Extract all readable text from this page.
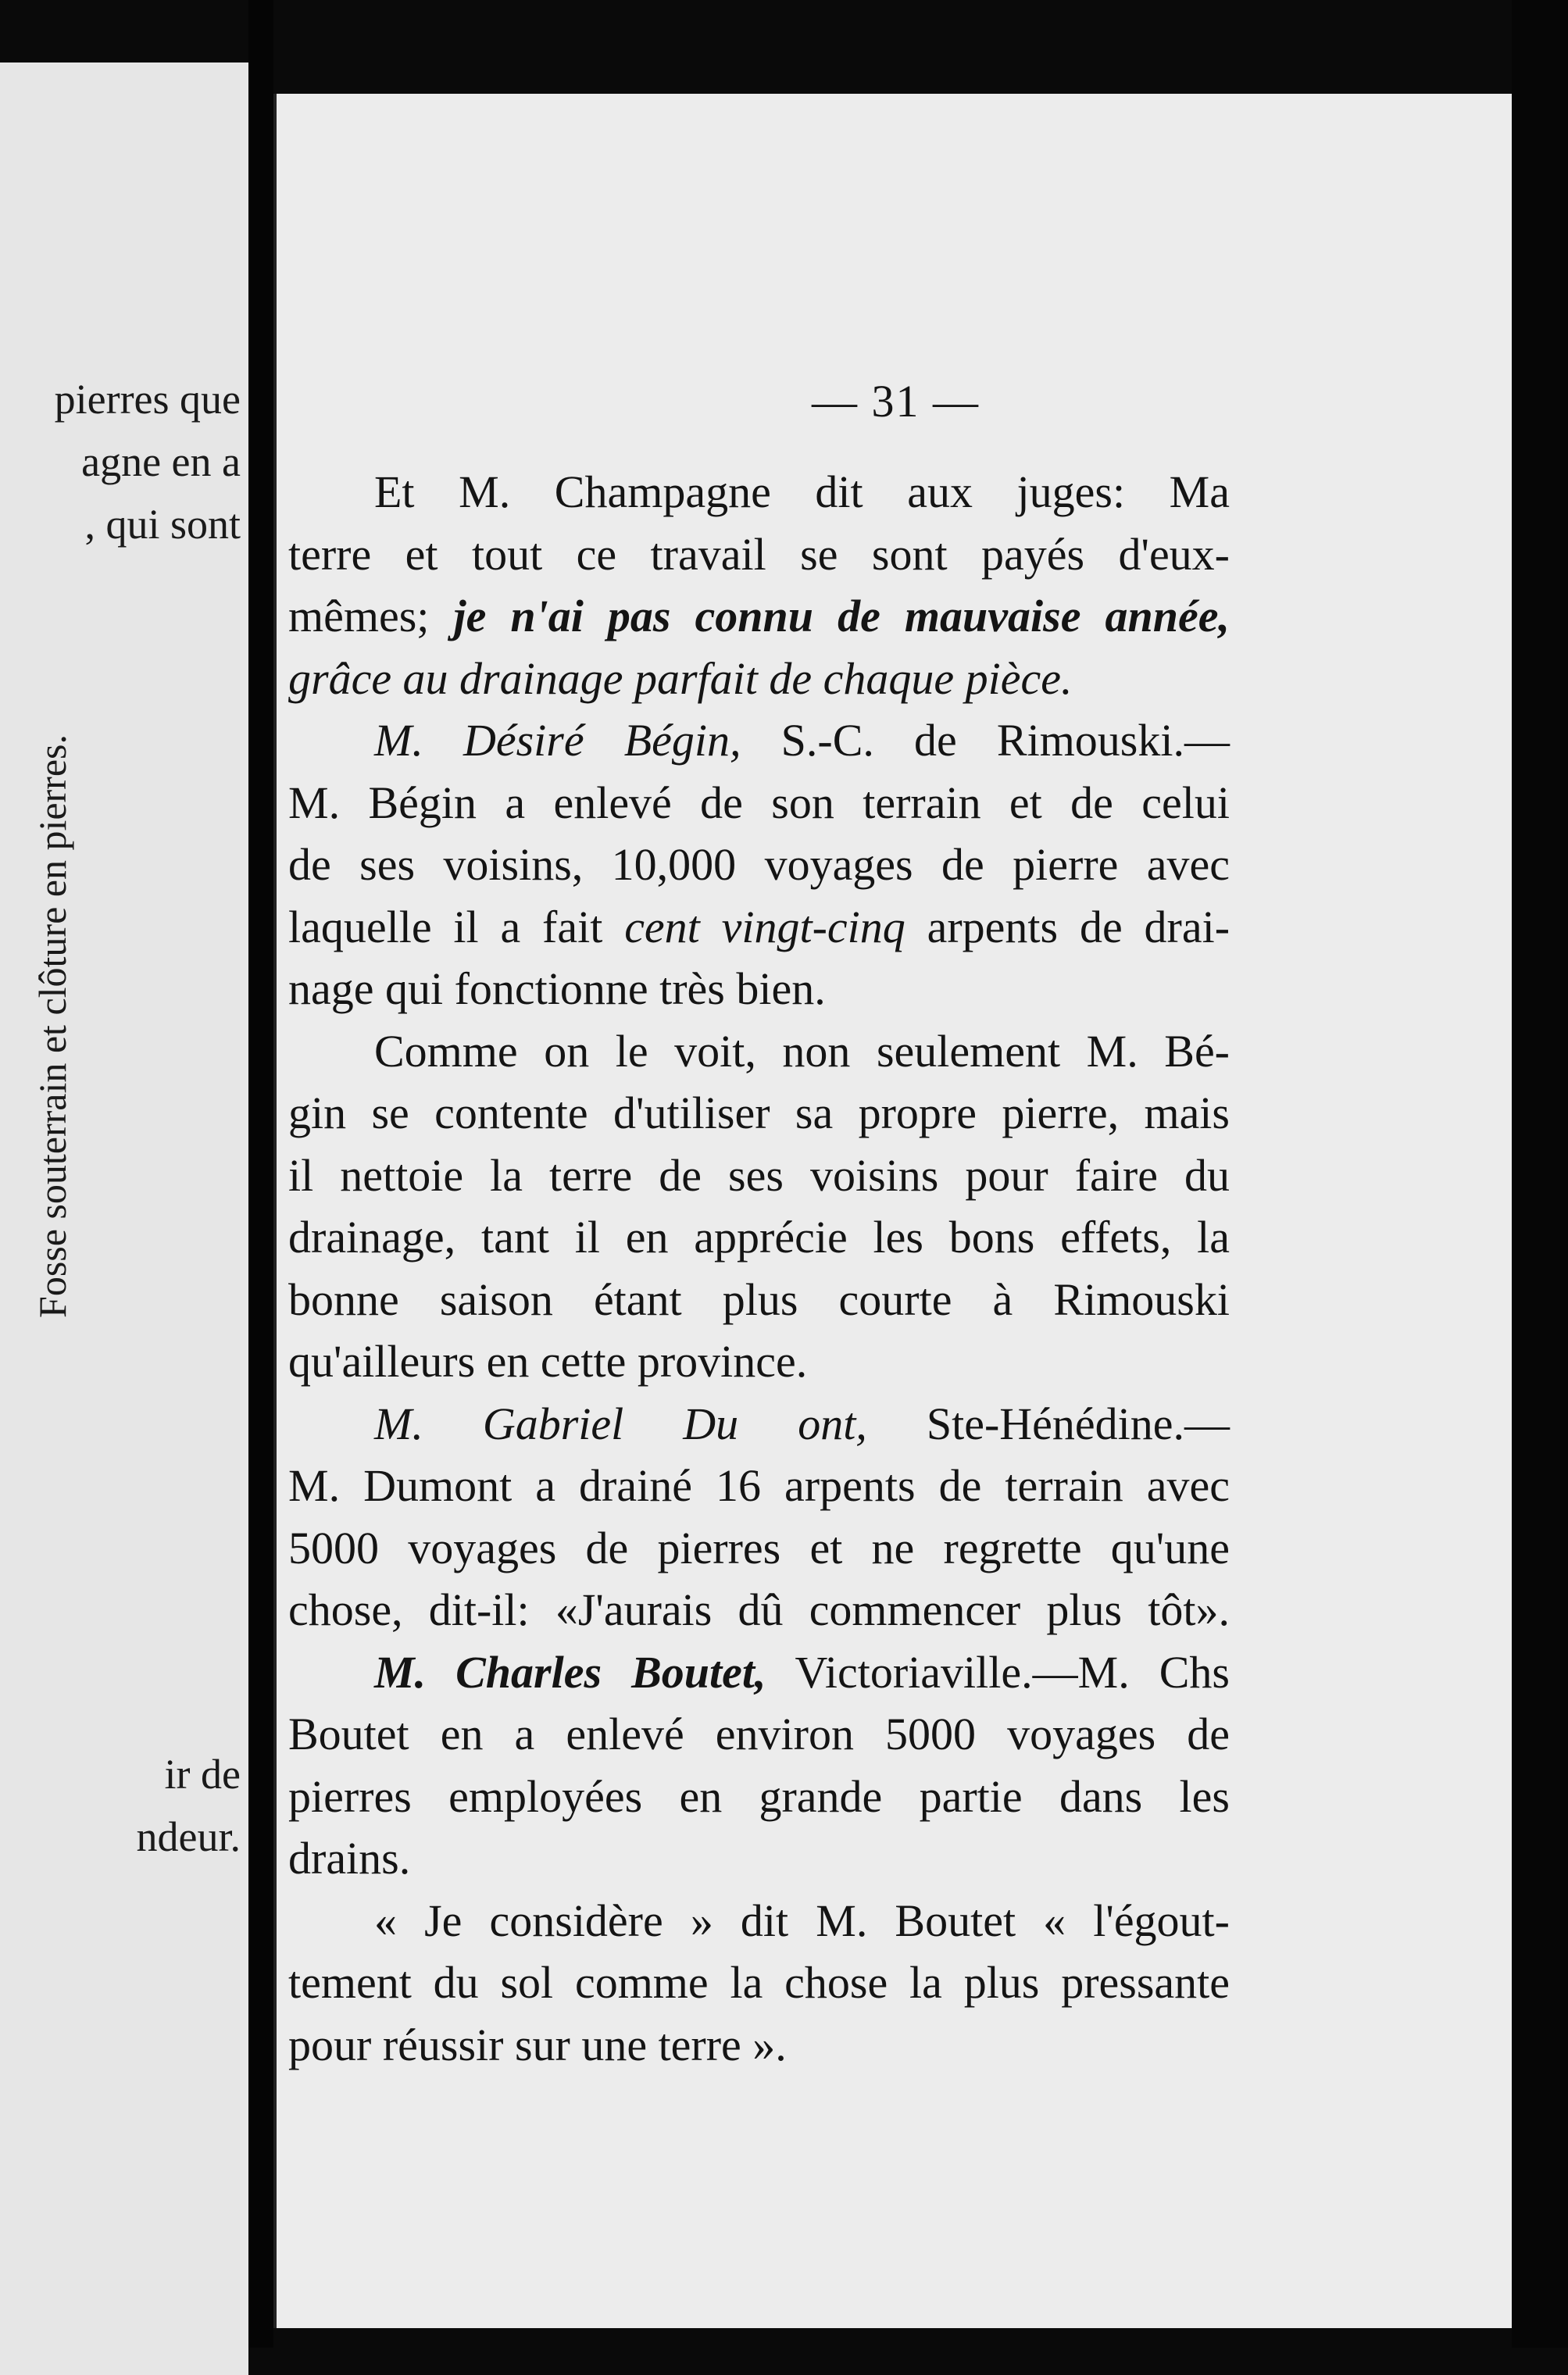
pierres que
agne en a
, qui sont
Fosse souterrain et clôture en pierres.
ir de
ndeur.
— 31 —
Et M. Champagne dit aux juges: Ma
terre et tout ce travail se sont payés d'eux-
mêmes; je n'ai pas connu de mauvaise année,
grâce au drainage parfait de chaque pièce.
M. Désiré Bégin, S.-C. de Rimouski.—
M. Bégin a enlevé de son terrain et de celui
de ses voisins, 10,000 voyages de pierre avec
laquelle il a fait cent vingt-cinq arpents de drai-
nage qui fonctionne très bien.
Comme on le voit, non seulement M. Bé-
gin se contente d'utiliser sa propre pierre, mais
il nettoie la terre de ses voisins pour faire du
drainage, tant il en apprécie les bons effets, la
bonne saison étant plus courte à Rimouski
qu'ailleurs en cette province.
M. Gabriel Du ont, Ste-Hénédine.—
M. Dumont a drainé 16 arpents de terrain avec
5000 voyages de pierres et ne regrette qu'une
chose, dit-il: «J'aurais dû commencer plus tôt».
M. Charles Boutet, Victoriaville.—M. Chs
Boutet en a enlevé environ 5000 voyages de
pierres employées en grande partie dans les
drains.
« Je considère » dit M. Boutet « l'égout-
tement du sol comme la chose la plus pressante
pour réussir sur une terre ».
